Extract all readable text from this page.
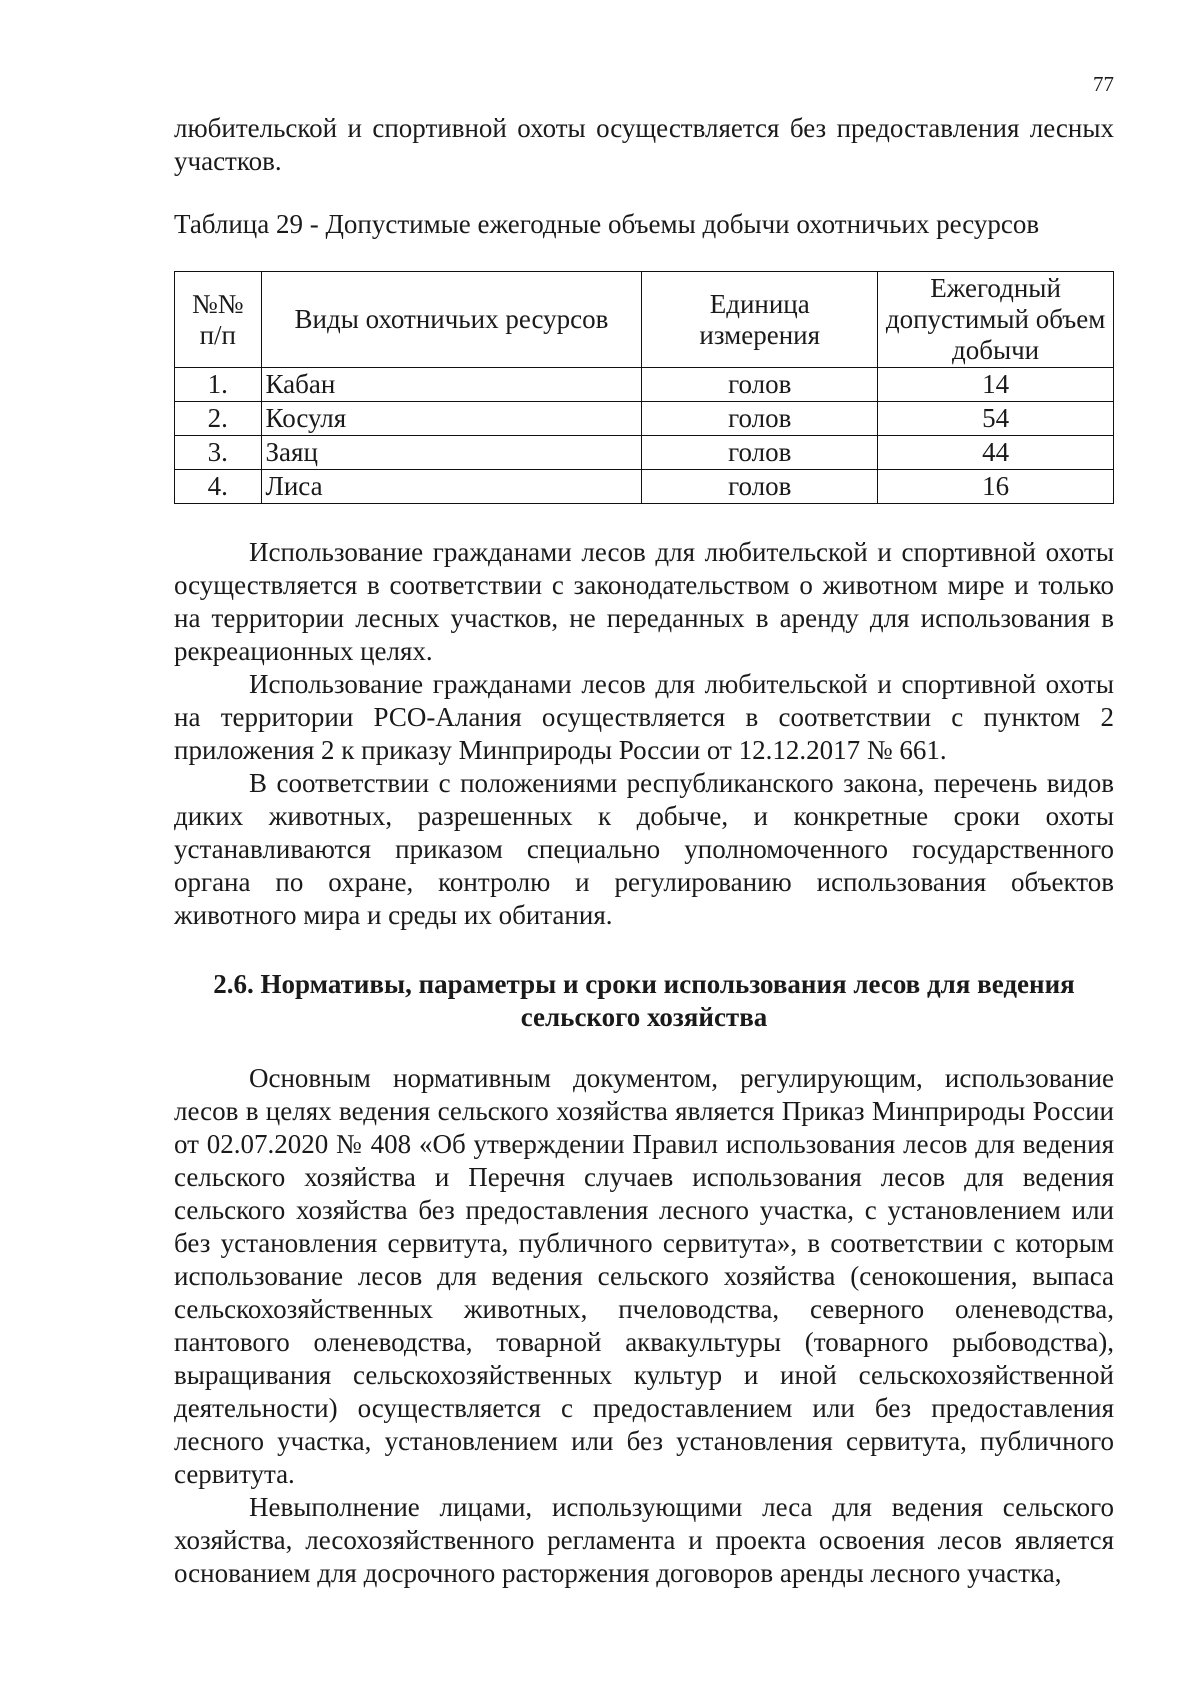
77

любительской и спортивной охоты осуществляется без предоставления лесных участков.

Таблица 29 - Допустимые ежегодные объемы добычи охотничьих ресурсов

№№ п/п	Виды охотничьих ресурсов	Единица измерения	Ежегодный допустимый объем добычи
1.	Кабан	голов	14
2.	Косуля	голов	54
3.	Заяц	голов	44
4.	Лиса	голов	16

Использование гражданами лесов для любительской и спортивной охоты осуществляется в соответствии с законодательством о животном мире и только на территории лесных участков, не переданных в аренду для использования в рекреационных целях.

Использование гражданами лесов для любительской и спортивной охоты на территории РСО-Алания осуществляется в соответствии с пунктом 2 приложения 2 к приказу Минприроды России от 12.12.2017 № 661.

В соответствии с положениями республиканского закона, перечень видов диких животных, разрешенных к добыче, и конкретные сроки охоты устанавливаются приказом специально уполномоченного государственного органа по охране, контролю и регулированию использования объектов животного мира и среды их обитания.

2.6. Нормативы, параметры и сроки использования лесов для ведения
сельского хозяйства

Основным нормативным документом, регулирующим, использование лесов в целях ведения сельского хозяйства является Приказ Минприроды России от 02.07.2020 № 408 «Об утверждении Правил использования лесов для ведения сельского хозяйства и Перечня случаев использования лесов для ведения сельского хозяйства без предоставления лесного участка, с установлением или без установления сервитута, публичного сервитута», в соответствии с которым использование лесов для ведения сельского хозяйства (сенокошения, выпаса сельскохозяйственных животных, пчеловодства, северного оленеводства, пантового оленеводства, товарной аквакультуры (товарного рыбоводства), выращивания сельскохозяйственных культур и иной сельскохозяйственной деятельности) осуществляется с предоставлением или без предоставления лесного участка, установлением или без установления сервитута, публичного сервитута.

Невыполнение лицами, использующими леса для ведения сельского хозяйства, лесохозяйственного регламента и проекта освоения лесов является основанием для досрочного расторжения договоров аренды лесного участка,
